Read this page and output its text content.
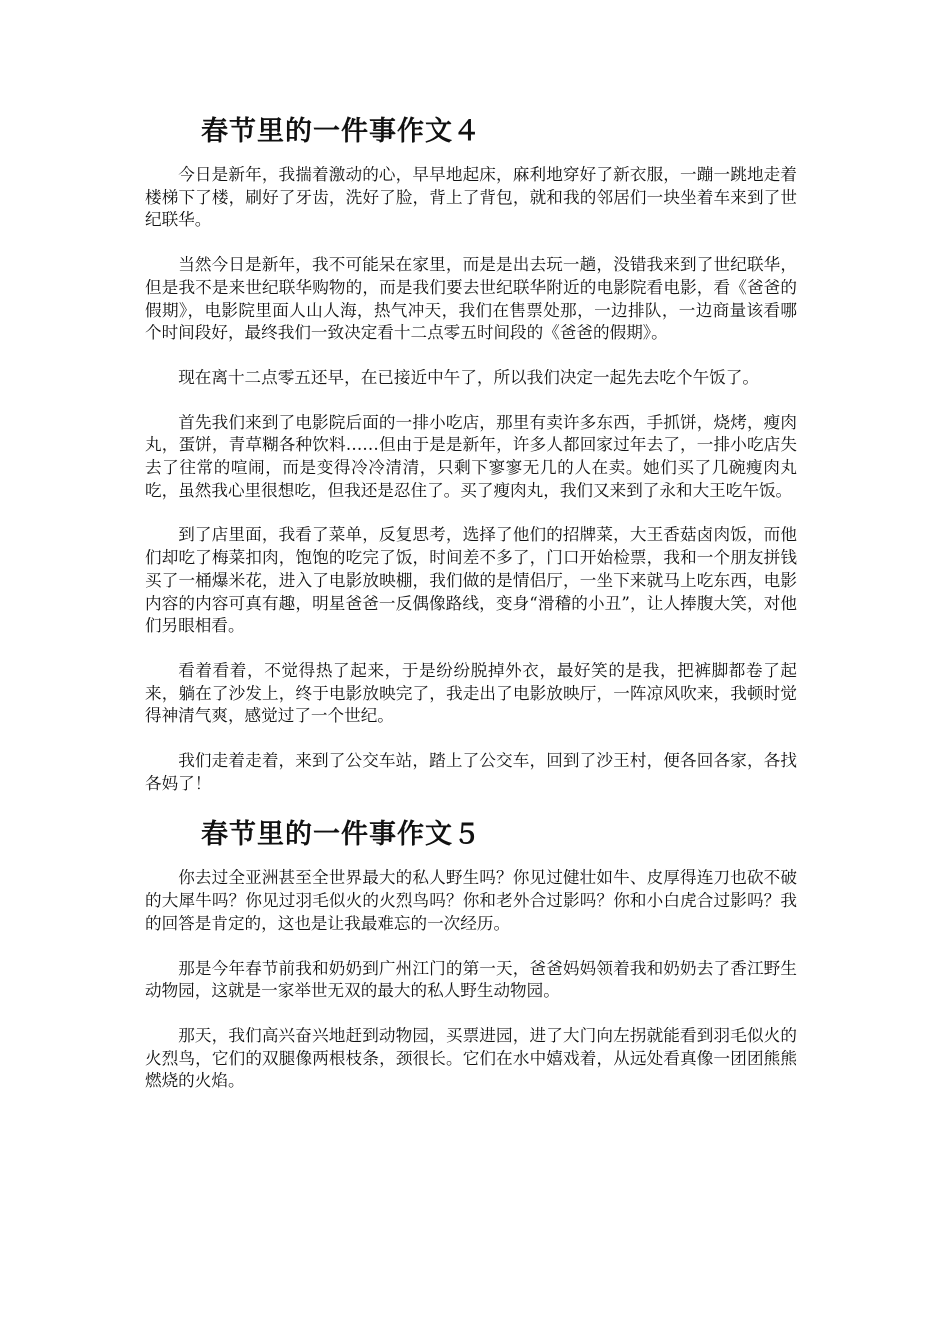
春节里的一件事作文４

今日是新年，我揣着激动的心，早早地起床，麻利地穿好了新衣服，一蹦一跳地走着楼梯下了楼，刷好了牙齿，洗好了脸，背上了背包，就和我的邻居们一块坐着车来到了世纪联华。

当然今日是新年，我不可能呆在家里，而是是出去玩一趟，没错我来到了世纪联华，但是我不是来世纪联华购物的，而是我们要去世纪联华附近的电影院看电影，看《爸爸的假期》，电影院里面人山人海，热气冲天，我们在售票处那，一边排队，一边商量该看哪个时间段好，最终我们一致决定看十二点零五时间段的《爸爸的假期》。

现在离十二点零五还早，在已接近中午了，所以我们决定一起先去吃个午饭了。

首先我们来到了电影院后面的一排小吃店，那里有卖许多东西，手抓饼，烧烤，瘦肉丸，蛋饼，青草糊各种饮料……但由于是是新年，许多人都回家过年去了，一排小吃店失去了往常的喧闹，而是变得冷冷清清，只剩下寥寥无几的人在卖。她们买了几碗瘦肉丸吃，虽然我心里很想吃，但我还是忍住了。买了瘦肉丸，我们又来到了永和大王吃午饭。

到了店里面，我看了菜单，反复思考，选择了他们的招牌菜，大王香菇卤肉饭，而他们却吃了梅菜扣肉，饱饱的吃完了饭，时间差不多了，门口开始检票，我和一个朋友拼钱买了一桶爆米花，进入了电影放映棚，我们做的是情侣厅，一坐下来就马上吃东西，电影内容的内容可真有趣，明星爸爸一反偶像路线，变身“滑稽的小丑”，让人捧腹大笑，对他们另眼相看。

看着看着，不觉得热了起来，于是纷纷脱掉外衣，最好笑的是我，把裤脚都卷了起来，躺在了沙发上，终于电影放映完了，我走出了电影放映厅，一阵凉风吹来，我顿时觉得神清气爽，感觉过了一个世纪。

我们走着走着，来到了公交车站，踏上了公交车，回到了沙王村，便各回各家，各找各妈了！

春节里的一件事作文５

你去过全亚洲甚至全世界最大的私人野生吗？你见过健壮如牛、皮厚得连刀也砍不破的大犀牛吗？你见过羽毛似火的火烈鸟吗？你和老外合过影吗？你和小白虎合过影吗？我的回答是肯定的，这也是让我最难忘的一次经历。

那是今年春节前我和奶奶到广州江门的第一天，爸爸妈妈领着我和奶奶去了香江野生动物园，这就是一家举世无双的最大的私人野生动物园。

那天，我们高兴奋兴地赶到动物园，买票进园，进了大门向左拐就能看到羽毛似火的火烈鸟，它们的双腿像两根枝条，颈很长。它们在水中嬉戏着，从远处看真像一团团熊熊燃烧的火焰。
